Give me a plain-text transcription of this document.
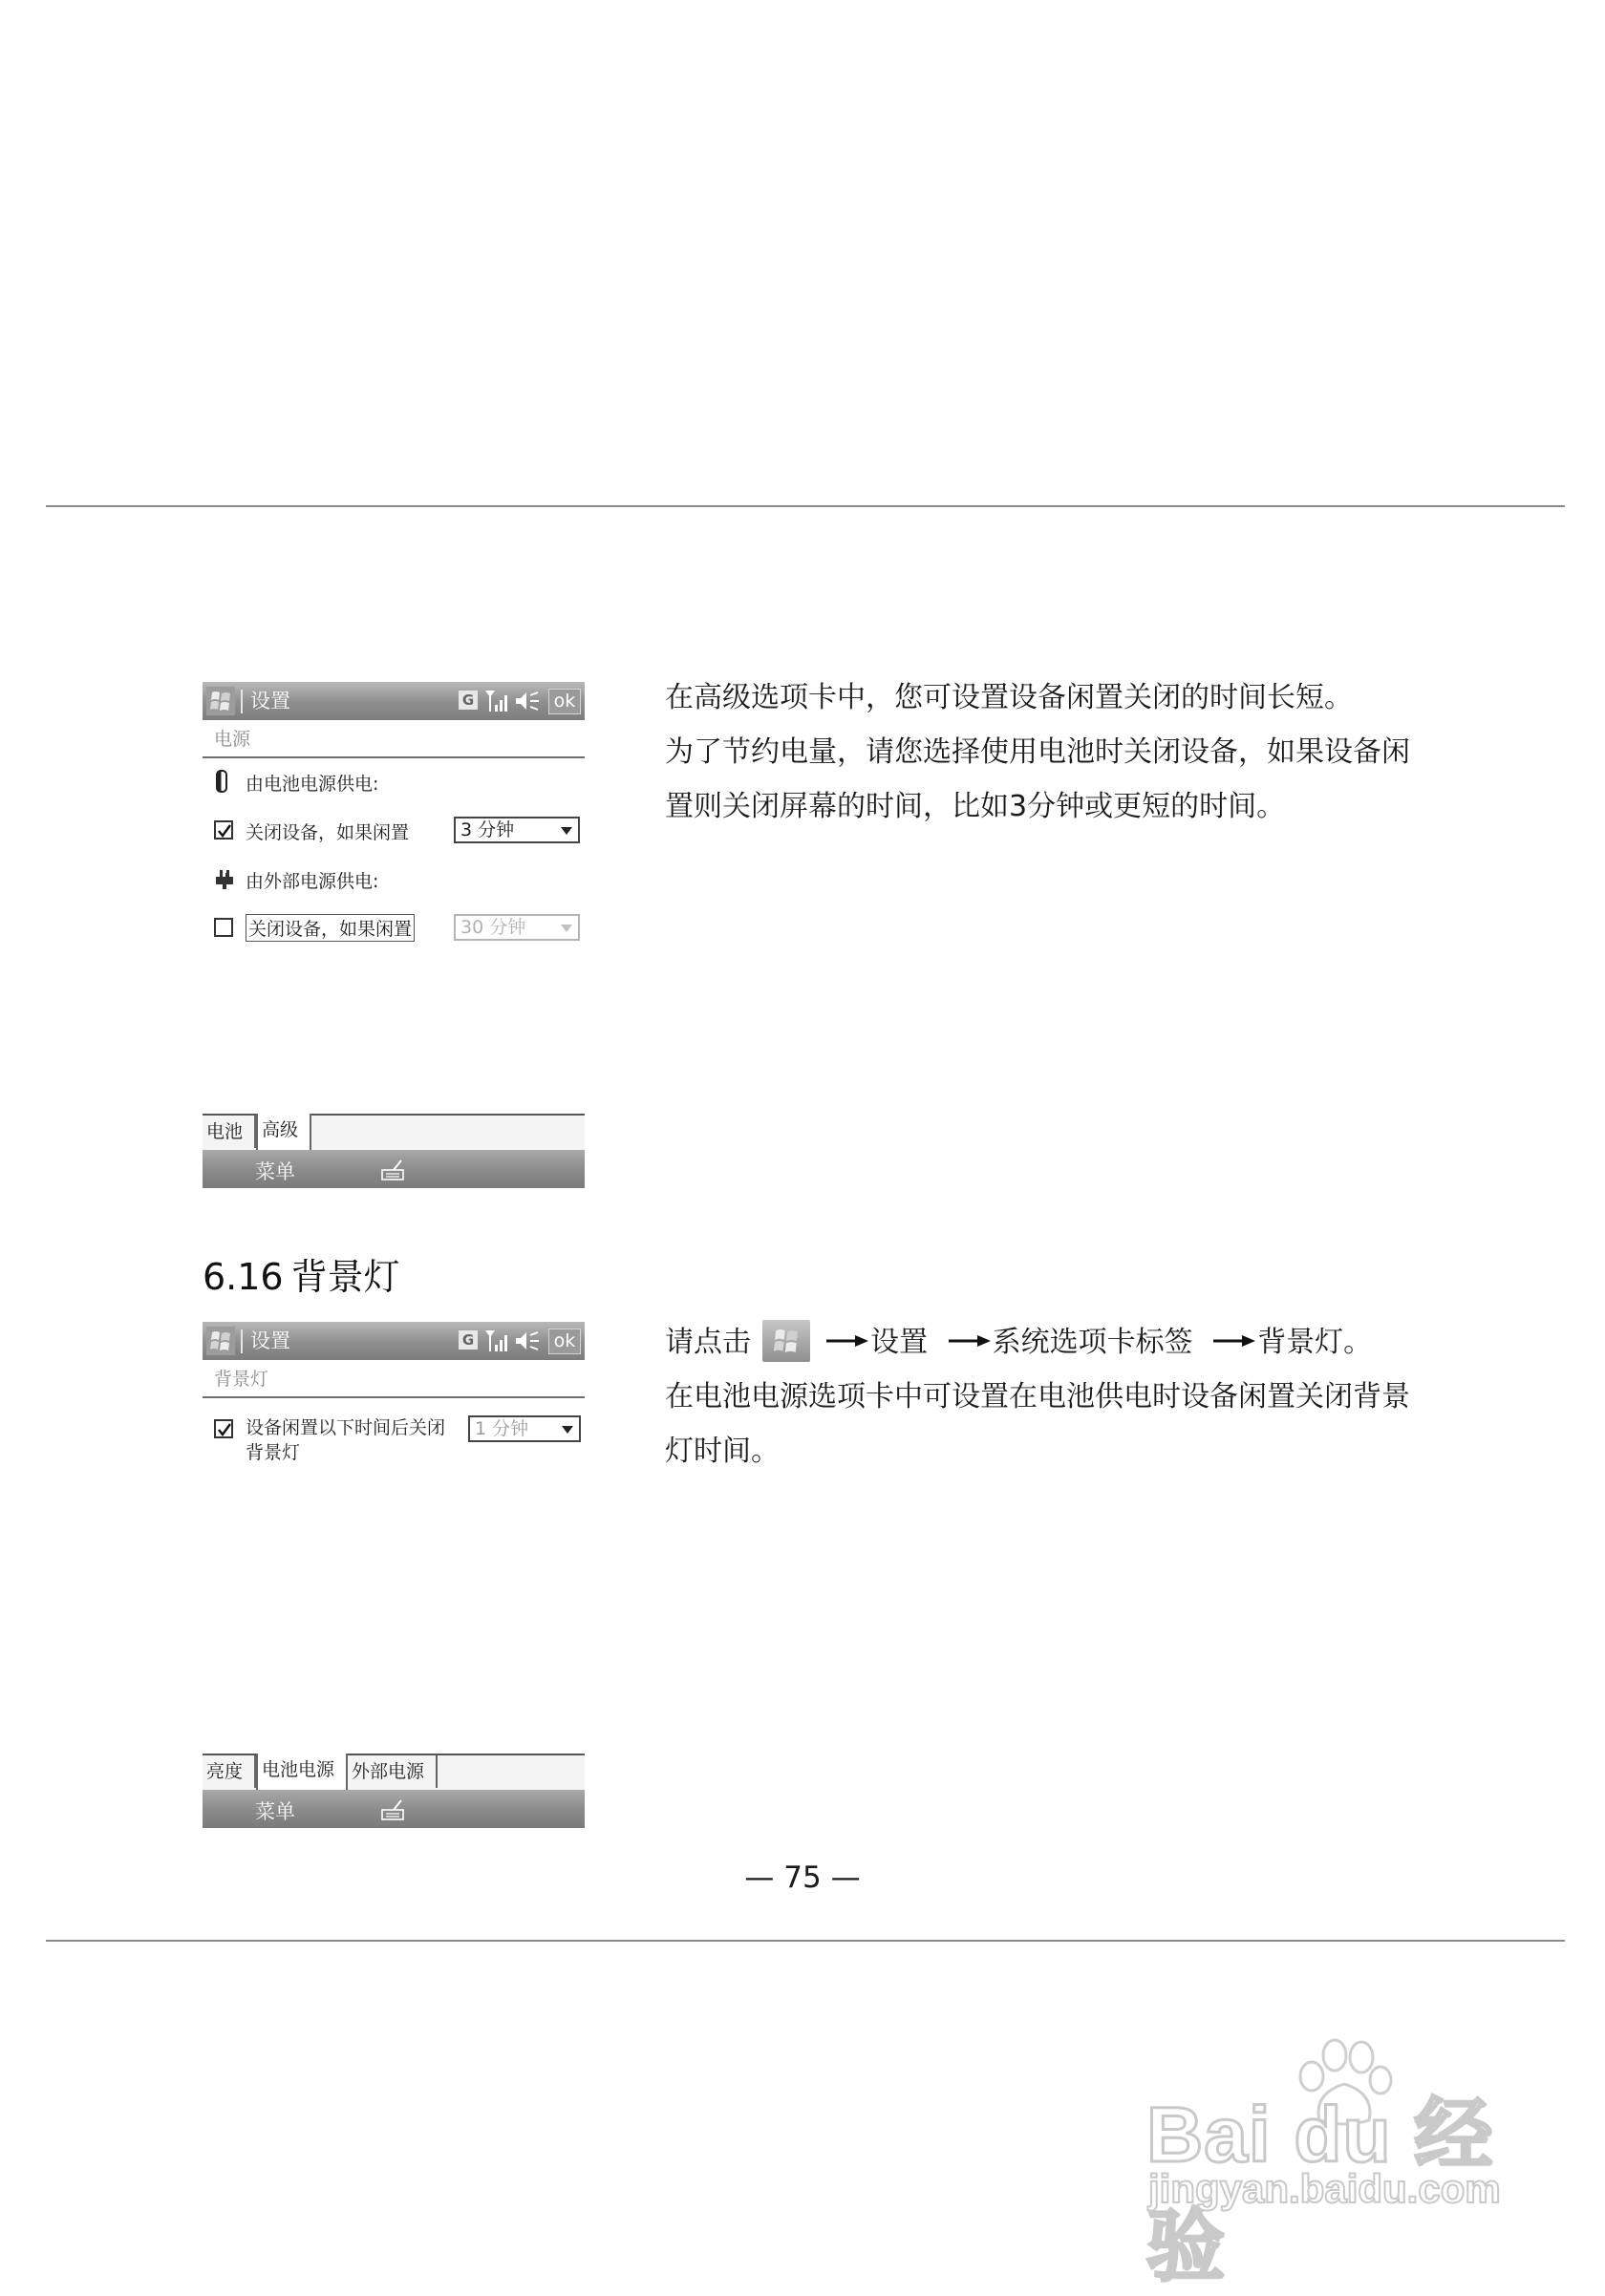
设置	G	ok
电源
由电池电源供电:
关闭设备，如果闲置	3 分钟
由外部电源供电:
关闭设备，如果闲置	30 分钟
电池	高级
菜单

在高级选项卡中，您可设置设备闲置关闭的时间长短。

为了节约电量，请您选择使用电池时关闭设备，如果设备闲

置则关闭屏幕的时间，比如3分钟或更短的时间。

6.16 背景灯
设置	G	ok
背景灯
设备闲置以下时间后关闭
背景灯
1 分钟
亮度	电池电源 外部电源
菜单

请点击	设置 系统选项卡标签 背景灯。

在电池电源选项卡中可设置在电池供电时设备闲置关闭背景

灯时间。

— 75 —
Bai du 经验
jingyan.baidu.com
